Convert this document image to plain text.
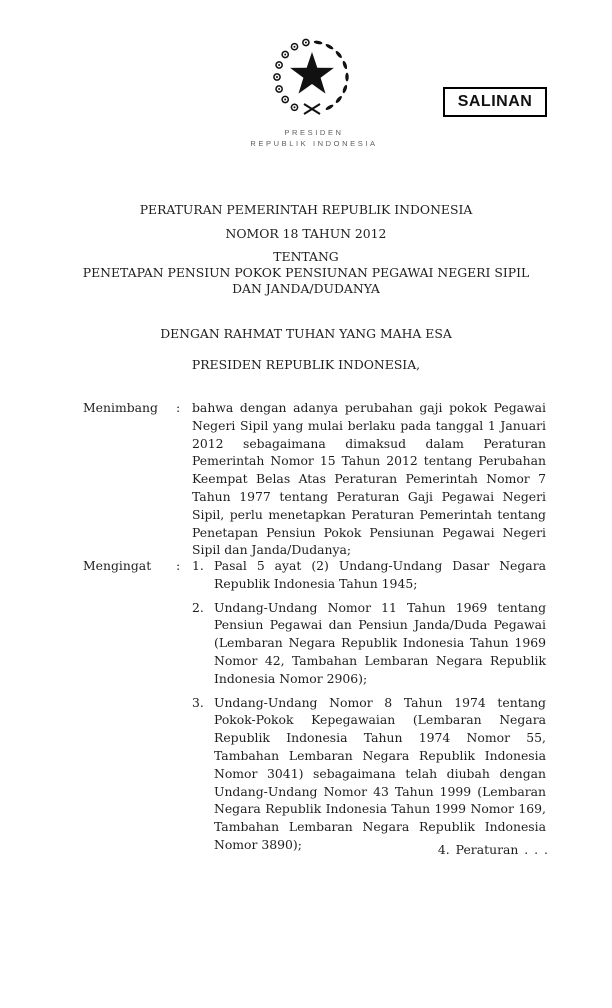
PRESIDEN
REPUBLIK INDONESIA
SALINAN
PERATURAN PEMERINTAH REPUBLIK INDONESIA
NOMOR 18 TAHUN 2012
TENTANG
PENETAPAN PENSIUN POKOK PENSIUNAN PEGAWAI NEGERI SIPIL
DAN JANDA/DUDANYA
DENGAN RAHMAT TUHAN YANG MAHA ESA
PRESIDEN REPUBLIK INDONESIA,
Menimbang	: bahwa dengan adanya perubahan gaji pokok Pegawai Negeri Sipil yang mulai berlaku pada tanggal 1 Januari 2012 sebagaimana dimaksud dalam Peraturan Pemerintah Nomor 15 Tahun 2012 tentang Perubahan Keempat Belas Atas Peraturan Pemerintah Nomor 7 Tahun 1977 tentang Peraturan Gaji Pegawai Negeri Sipil, perlu menetapkan Peraturan Pemerintah tentang Penetapan Pensiun Pokok Pensiunan Pegawai Negeri Sipil dan Janda/Dudanya;
Mengingat	: 1. Pasal 5 ayat (2) Undang-Undang Dasar Negara Republik Indonesia Tahun 1945;
2. Undang-Undang Nomor 11 Tahun 1969 tentang Pensiun Pegawai dan Pensiun Janda/Duda Pegawai (Lembaran Negara Republik Indonesia Tahun 1969 Nomor 42, Tambahan Lembaran Negara Republik Indonesia Nomor 2906);
3. Undang-Undang Nomor 8 Tahun 1974 tentang Pokok-Pokok Kepegawaian (Lembaran Negara Republik Indonesia Tahun 1974 Nomor 55, Tambahan Lembaran Negara Republik Indonesia Nomor 3041) sebagaimana telah diubah dengan Undang-Undang Nomor 43 Tahun 1999 (Lembaran Negara Republik Indonesia Tahun 1999 Nomor 169, Tambahan Lembaran Negara Republik Indonesia Nomor 3890);	4. Peraturan . . .
